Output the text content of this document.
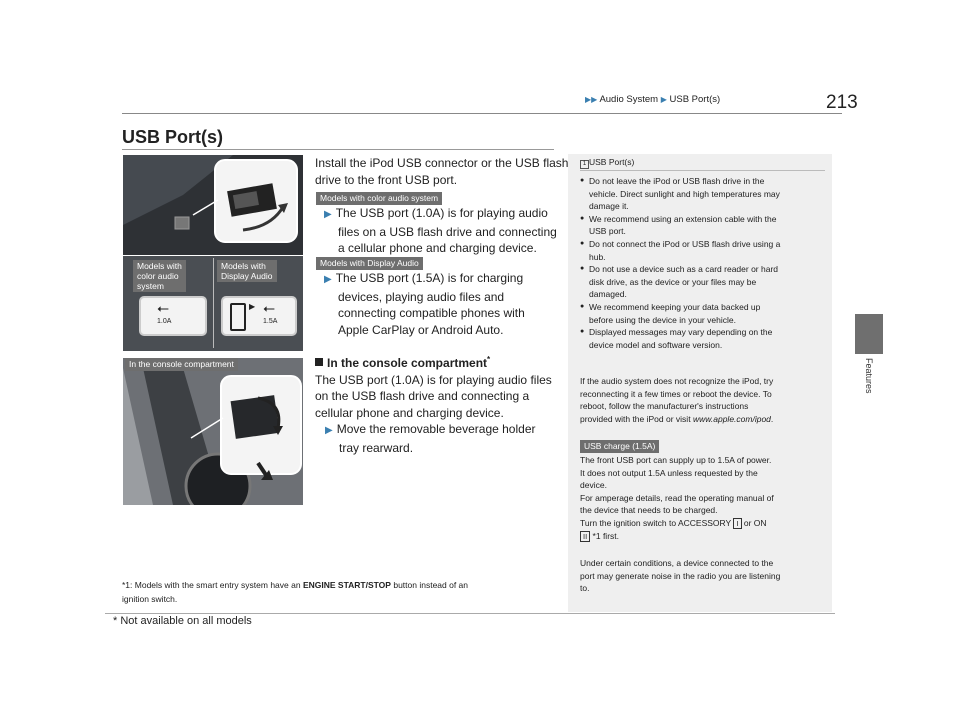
▶▶ Audio System ▶ USB Port(s)	213
Features
USB Port(s)
⭠
1.0A
▶ ⭠
1.5A
Models with
color audio
system
Models with
Display Audio
In the console compartment
Install the iPod USB connector or the USB flash
drive to the front USB port.
Models with color audio system
▶ The USB port (1.0A) is for playing audio
files on a USB flash drive and connecting
a cellular phone and charging device.
Models with Display Audio
▶ The USB port (1.5A) is for charging
devices, playing audio files and
connecting compatible phones with
Apple CarPlay or Android Auto.
In the console compartment*
The USB port (1.0A) is for playing audio files
on the USB flash drive and connecting a
cellular phone and charging device.
▶ Move the removable beverage holder
tray rearward.
*1: Models with the smart entry system have an ENGINE START/STOP button instead of an
ignition switch.
1 USB Port(s)
● Do not leave the iPod or USB flash drive in the
vehicle. Direct sunlight and high temperatures may
damage it.
● We recommend using an extension cable with the
USB port.
● Do not connect the iPod or USB flash drive using a
hub.
● Do not use a device such as a card reader or hard
disk drive, as the device or your files may be
damaged.
● We recommend keeping your data backed up
before using the device in your vehicle.
● Displayed messages may vary depending on the
device model and software version.
If the audio system does not recognize the iPod, try
reconnecting it a few times or reboot the device. To
reboot, follow the manufacturer's instructions
provided with the iPod or visit www.apple.com/ipod.
USB charge (1.5A)
The front USB port can supply up to 1.5A of power.
It does not output 1.5A unless requested by the
device.
For amperage details, read the operating manual of
the device that needs to be charged.
Turn the ignition switch to ACCESSORY I or ON
II *1 first.
Under certain conditions, a device connected to the
port may generate noise in the radio you are listening
to.
* Not available on all models
